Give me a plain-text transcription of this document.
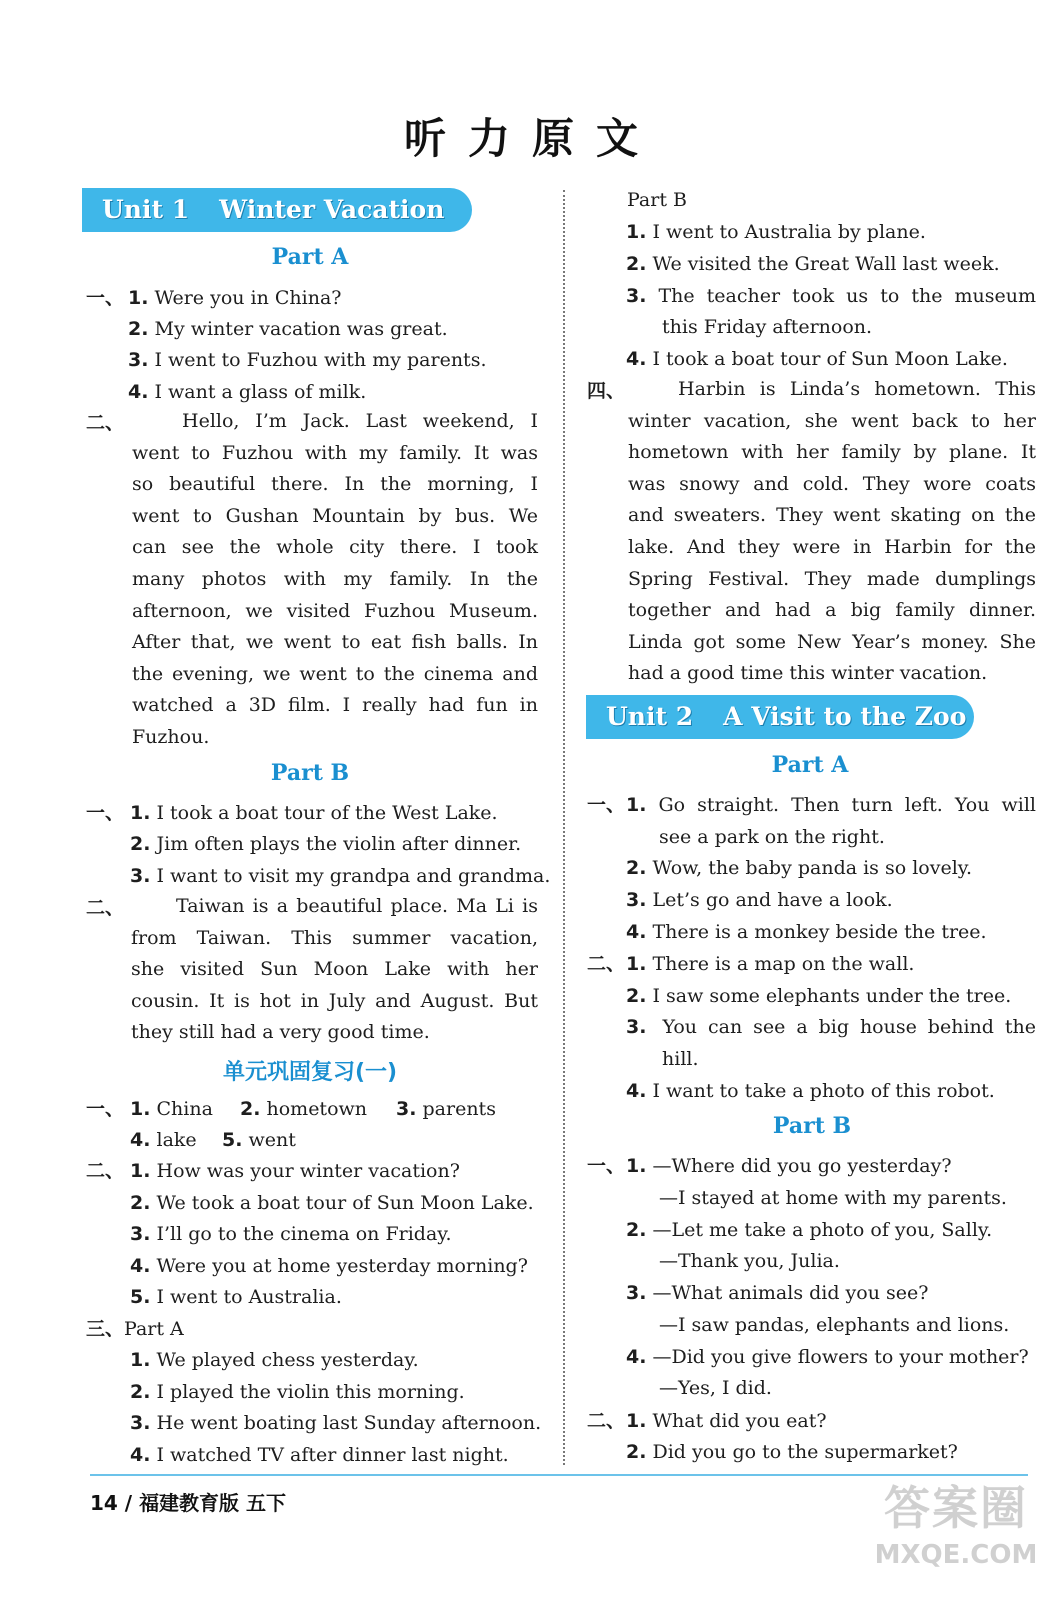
听力原文
Unit 1 Winter Vacation
Part A
一、 1. Were you in China?
2. My winter vacation was great.
3. I went to Fuzhou with my parents.
4. I want a glass of milk.
二、	Hello, I’m Jack. Last weekend, I
went to Fuzhou with my family. It was
so beautiful there. In the morning, I
went to Gushan Mountain by bus. We
can see the whole city there. I took
many photos with my family. In the
afternoon, we visited Fuzhou Museum.
After that, we went to eat fish balls. In
the evening, we went to the cinema and
watched a 3D film. I really had fun in
Fuzhou.
Part B
一、 1. I took a boat tour of the West Lake.
2. Jim often plays the violin after dinner.
3. I want to visit my grandpa and grandma.
二、	Taiwan is a beautiful place. Ma Li is
from Taiwan. This summer vacation,
she visited Sun Moon Lake with her
cousin. It is hot in July and August. But
they still had a very good time.
单元巩固复习(一)
一、 1. China 2. hometown 3. parents
4. lake 5. went
二、 1. How was your winter vacation?
2. We took a boat tour of Sun Moon Lake.
3. I’ll go to the cinema on Friday.
4. Were you at home yesterday morning?
5. I went to Australia.
三、Part A
1. We played chess yesterday.
2. I played the violin this morning.
3. He went boating last Sunday afternoon.
4. I watched TV after dinner last night.
Part B
1. I went to Australia by plane.
2. We visited the Great Wall last week.
3. The teacher took us to the museum
this Friday afternoon.
4. I took a boat tour of Sun Moon Lake.
四、	Harbin is Linda’s hometown. This
winter vacation, she went back to her
hometown with her family by plane. It
was snowy and cold. They wore coats
and sweaters. They went skating on the
lake. And they were in Harbin for the
Spring Festival. They made dumplings
together and had a big family dinner.
Linda got some New Year’s money. She
had a good time this winter vacation.
Unit 2 A Visit to the Zoo
Part A
一、 1. Go straight. Then turn left. You will
see a park on the right.
2. Wow, the baby panda is so lovely.
3. Let’s go and have a look.
4. There is a monkey beside the tree.
二、 1. There is a map on the wall.
2. I saw some elephants under the tree.
3. You can see a big house behind the
hill.
4. I want to take a photo of this robot.
Part B
一、 1. —Where did you go yesterday?
—I stayed at home with my parents.
2. —Let me take a photo of you, Sally.
—Thank you, Julia.
3. —What animals did you see?
—I saw pandas, elephants and lions.
4. —Did you give flowers to your mother?
—Yes, I did.
二、 1. What did you eat?
2. Did you go to the supermarket?
14 / 福建教育版 五下	答案圈
MXQE.COM
